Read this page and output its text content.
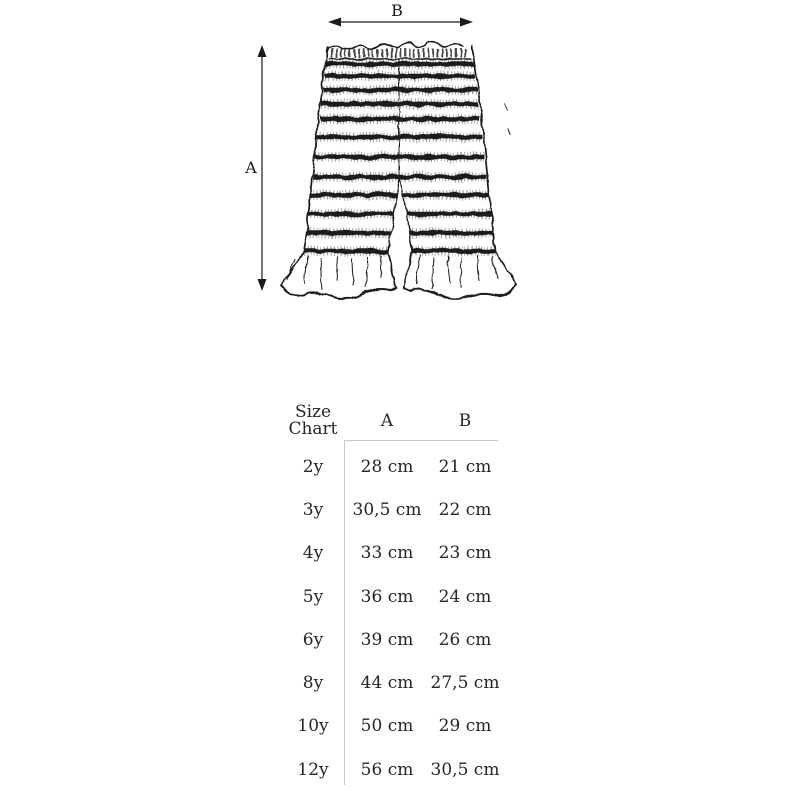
B
A
Size
Chart	A	B
2y	28 cm	21 cm
3y	30,5 cm	22 cm
4y	33 cm	23 cm
5y	36 cm	24 cm
6y	39 cm	26 cm
8y	44 cm	27,5 cm
10y	50 cm	29 cm
12y	56 cm	30,5 cm
